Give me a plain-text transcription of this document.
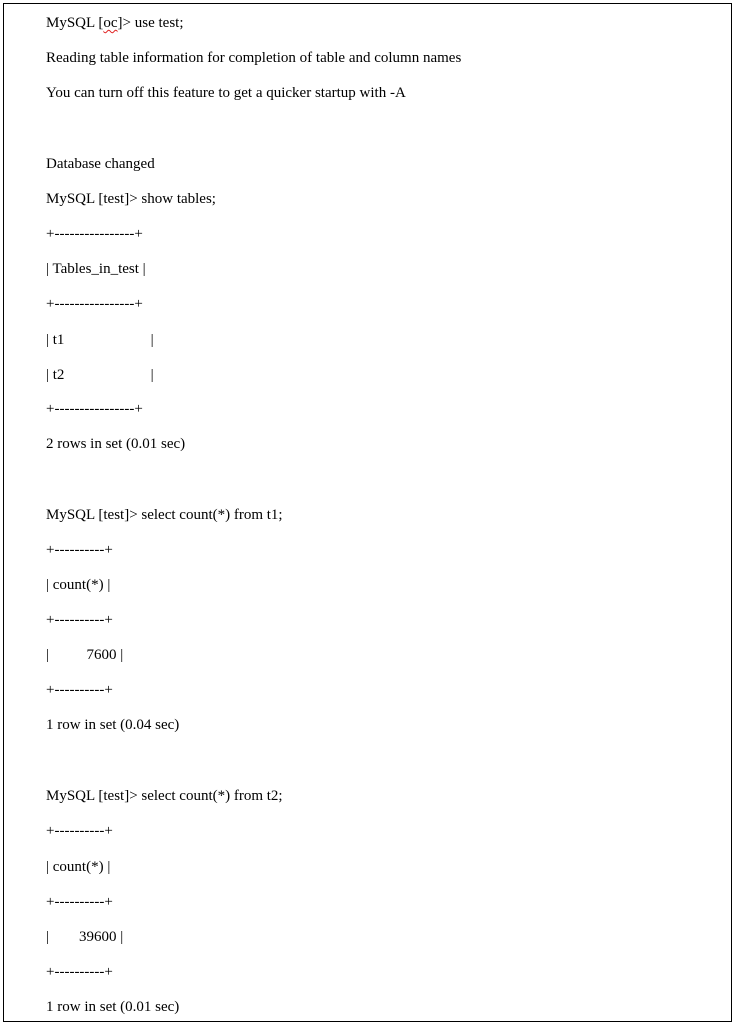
MySQL [oc]> use test;
Reading table information for completion of table and column names
You can turn off this feature to get a quicker startup with -A
Database changed
MySQL [test]> show tables;
+----------------+
| Tables_in_test |
+----------------+
| t1                       |
| t2                       |
+----------------+
2 rows in set (0.01 sec)
MySQL [test]> select count(*) from t1;
+----------+
| count(*) |
+----------+
|          7600 |
+----------+
1 row in set (0.04 sec)
MySQL [test]> select count(*) from t2;
+----------+
| count(*) |
+----------+
|        39600 |
+----------+
1 row in set (0.01 sec)
